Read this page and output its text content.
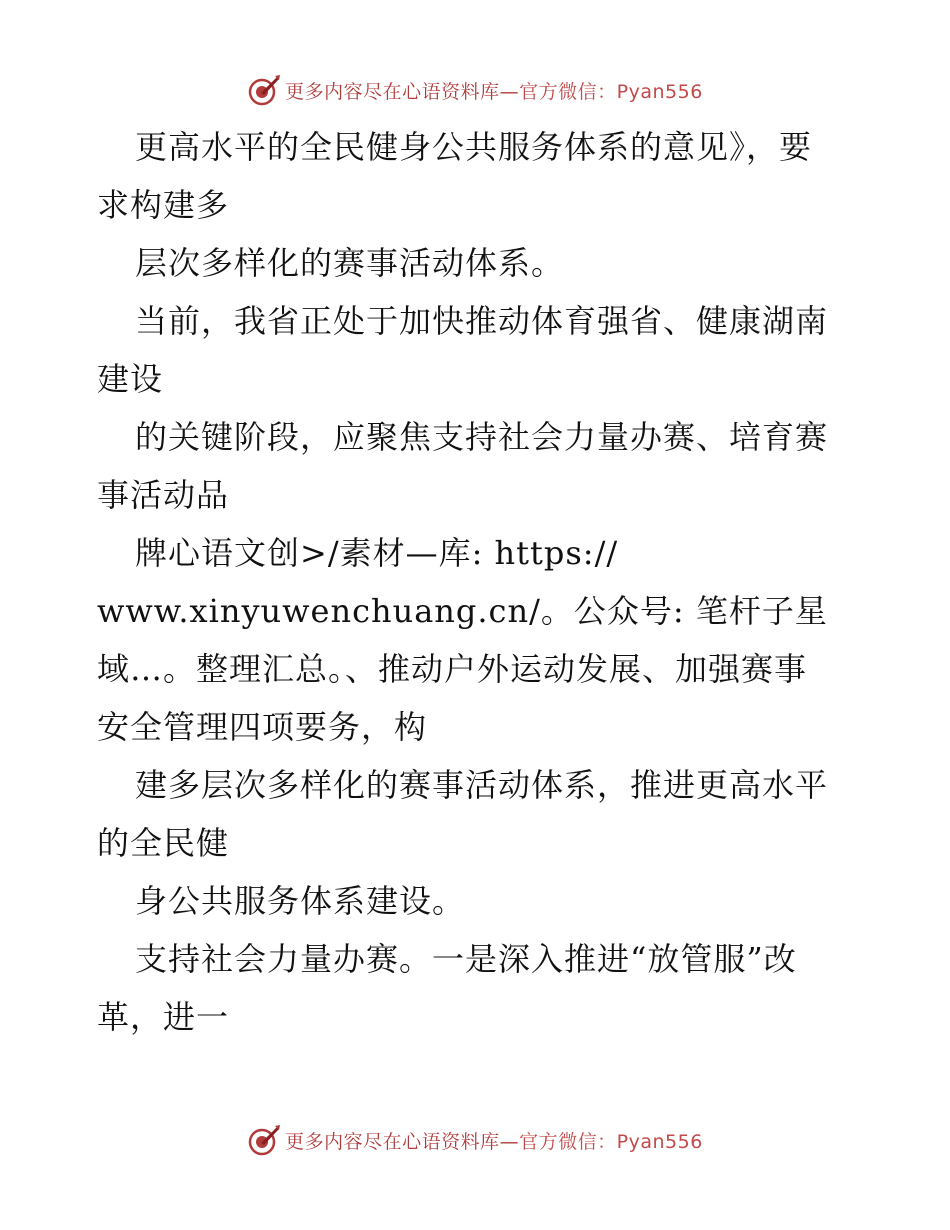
更多内容尽在心语资料库—官方微信：Pyan556
更高水平的全民健身公共服务体系的意见》，要
求构建多
层次多样化的赛事活动体系。
当前，我省正处于加快推动体育强省、健康湖南
建设
的关键阶段，应聚焦支持社会力量办赛、培育赛
事活动品
牌心语文创>/素材—库: https://
www.xinyuwenchuang.cn/。公众号: 笔杆子星
域…。整理汇总。、推动户外运动发展、加强赛事
安全管理四项要务，构
建多层次多样化的赛事活动体系，推进更高水平
的全民健
身公共服务体系建设。
支持社会力量办赛。一是深入推进“放管服”改
革，进一
更多内容尽在心语资料库—官方微信：Pyan556
